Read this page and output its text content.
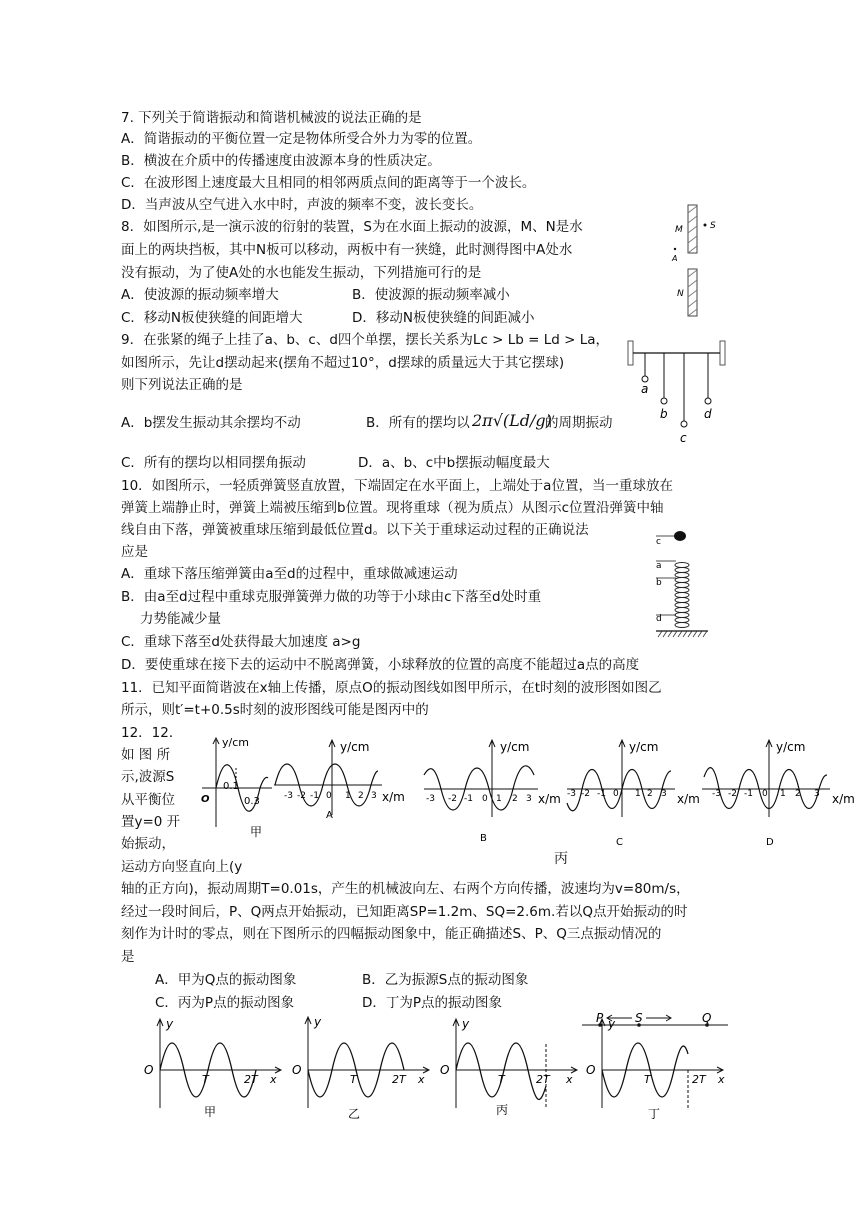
7. 下列关于简谐振动和简谐机械波的说法正确的是
A．简谐振动的平衡位置一定是物体所受合外力为零的位置。
B．横波在介质中的传播速度由波源本身的性质决定。
C．在波形图上速度最大且相同的相邻两质点间的距离等于一个波长。
D．当声波从空气进入水中时，声波的频率不变，波长变长。
8．如图所示,是一演示波的衍射的装置，S为在水面上振动的波源，M、N是水
面上的两块挡板，其中N板可以移动，两板中有一狭缝，此时测得图中A处水
没有振动，为了使A处的水也能发生振动，下列措施可行的是
A．使波源的振动频率增大	B．使波源的振动频率减小
C．移动N板使狭缝的间距增大	D．移动N板使狭缝的间距减小
M	S
A
N
9．在张紧的绳子上挂了a、b、c、d四个单摆，摆长关系为Lc > Lb = Ld > La，
如图所示，先让d摆动起来(摆角不超过10°，d摆球的质量远大于其它摆球)
则下列说法正确的是
A．b摆发生振动其余摆均不动	B．所有的摆均以 2π√(Ld/g)
的周期振动
C．所有的摆均以相同摆角振动	D．a、b、c中b摆振动幅度最大
a
b
c
d
10．如图所示，一轻质弹簧竖直放置，下端固定在水平面上，上端处于a位置，当一重球放在
弹簧上端静止时，弹簧上端被压缩到b位置。现将重球（视为质点）从图示c位置沿弹簧中轴
线自由下落，弹簧被重球压缩到最低位置d。以下关于重球运动过程的正确说法
应是
A．重球下落压缩弹簧由a至d的过程中，重球做减速运动
B．由a至d过程中重球克服弹簧弹力做的功等于小球由c下落至d处时重
力势能减少量
C．重球下落至d处获得最大加速度 a>g
D．要使重球在接下去的运动中不脱离弹簧，小球释放的位置的高度不能超过a点的高度
c
a
b
d
11．已知平面简谐波在x轴上传播，原点O的振动图线如图甲所示，在t时刻的波形图如图乙
所示，则t′=t+0.5s时刻的波形图线可能是图丙中的
12．12．
如 图 所
示,波源S
从平衡位
置y=0 开
始振动，
运动方向竖直向上(y
y/cm
O
0.1
0.3
甲
y/cm
x/m
-3 -2 -1 0 1 2 3
A
y/cm
x/m
-3 -2 -1 0 1 2 3
B
y/cm
x/m
-3 -2 -1 0 1 2 3
C
y/cm
x/m
-3 -2 -1 0 1 2 3
D
丙
轴的正方向)，振动周期T=0.01s，产生的机械波向左、右两个方向传播，波速均为v=80m/s，
经过一段时间后，P、Q两点开始振动，已知距离SP=1.2m、SQ=2.6m.若以Q点开始振动的时
刻作为计时的零点，则在下图所示的四幅振动图象中，能正确描述S、P、Q三点振动情况的
是
A．甲为Q点的振动图象	B．乙为振源S点的振动图象
C．丙为P点的振动图象	D．丁为P点的振动图象
P	S	Q
y
O
T	2T x
甲
y
O
T	2T x
乙
y
O
T	2T x
丙
y
O
T	2T x
丁
